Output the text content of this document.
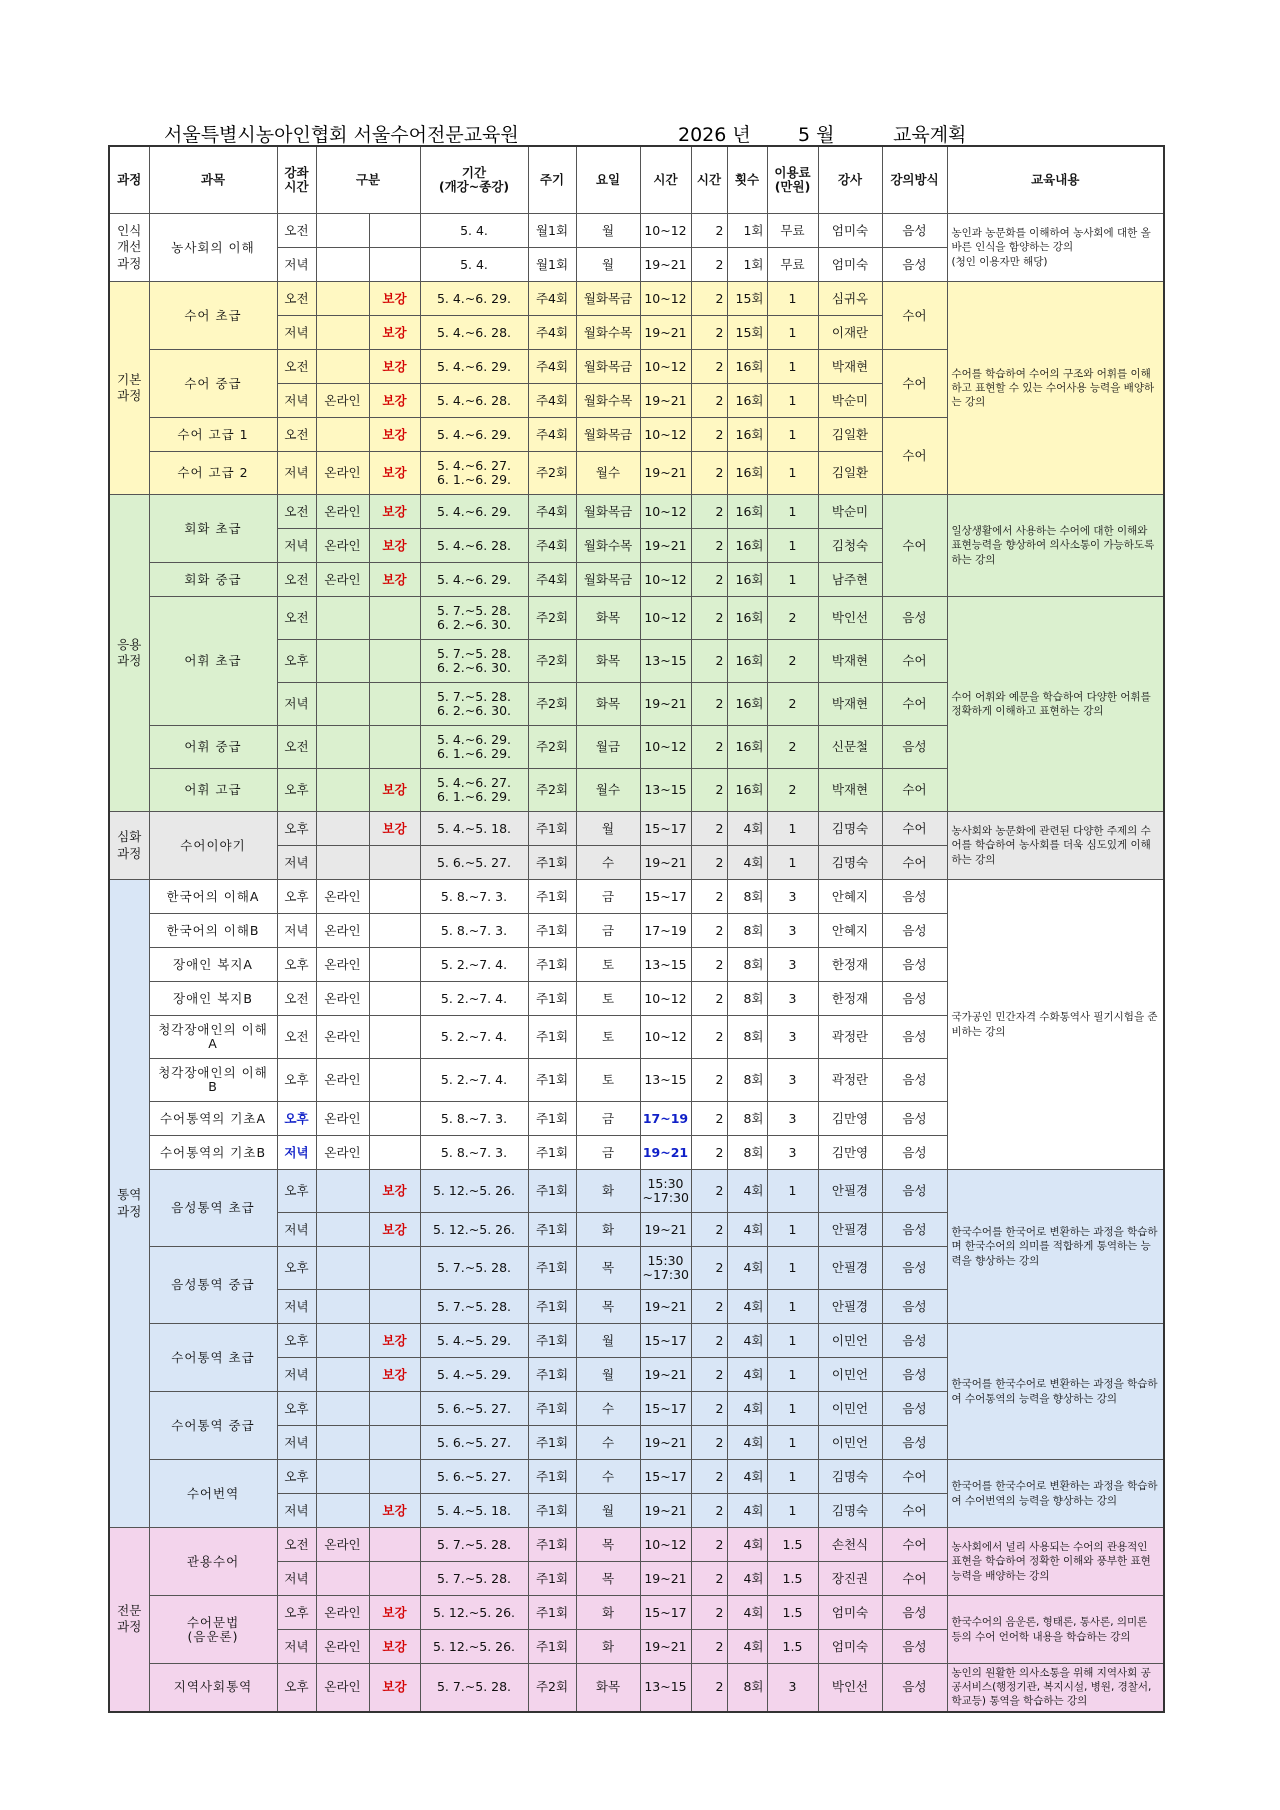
서울특별시농아인협회 서울수어전문교육원	2026 년 5 월	교육계획
과정	과목	강좌시간	구분		기간
(개강~종강)	주기	요일	시간	시간	횟수	이용료
(만원)	강사	강의방식	교육내용
인식
개선
과정	농사회의 이해	오전			5. 4.	월1회	월	10~12	2	1회	무료	엄미숙	음성	농인과 농문화를 이해하여 농사회에 대한 올바른 인식을 함양하는 강의
(청인 이용자만 해당)
		저녁			5. 4.	월1회	월	19~21	2	1회	무료	엄미숙	음성	
기본
과정	수어 초급	오전		보강	5. 4.~6. 29.	주4회	월화목금	10~12	2	15회	1	심귀옥	수어	수어를 학습하여 수어의 구조와 어휘를 이해하고 표현할 수 있는 수어사용 능력을 배양하는 강의
		저녁		보강	5. 4.~6. 28.	주4회	월화수목	19~21	2	15회	1	이재란		
	수어 중급	오전		보강	5. 4.~6. 29.	주4회	월화목금	10~12	2	16회	1	박재현	수어	
		저녁	온라인	보강	5. 4.~6. 28.	주4회	월화수목	19~21	2	16회	1	박순미		
	수어 고급 1	오전		보강	5. 4.~6. 29.	주4회	월화목금	10~12	2	16회	1	김일환	수어	
	수어 고급 2	저녁	온라인	보강	5. 4.~6. 27.
6. 1.~6. 29.	주2회	월수	19~21	2	16회	1	김일환		
응용
과정	회화 초급	오전	온라인	보강	5. 4.~6. 29.	주4회	월화목금	10~12	2	16회	1	박순미	수어	일상생활에서 사용하는 수어에 대한 이해와 표현능력을 향상하여 의사소통이 가능하도록 하는 강의
		저녁	온라인	보강	5. 4.~6. 28.	주4회	월화수목	19~21	2	16회	1	김청숙		
	회화 중급	오전	온라인	보강	5. 4.~6. 29.	주4회	월화목금	10~12	2	16회	1	남주현		
	어휘 초급	오전			5. 7.~5. 28.
6. 2.~6. 30.	주2회	화목	10~12	2	16회	2	박인선	음성	수어 어휘와 예문을 학습하여 다양한 어휘를 정확하게 이해하고 표현하는 강의
		오후			5. 7.~5. 28.
6. 2.~6. 30.	주2회	화목	13~15	2	16회	2	박재현	수어	
		저녁			5. 7.~5. 28.
6. 2.~6. 30.	주2회	화목	19~21	2	16회	2	박재현	수어	
	어휘 중급	오전			5. 4.~6. 29.
6. 1.~6. 29.	주2회	월금	10~12	2	16회	2	신문철	음성	
	어휘 고급	오후		보강	5. 4.~6. 27.
6. 1.~6. 29.	주2회	월수	13~15	2	16회	2	박재현	수어	
심화
과정	수어이야기	오후		보강	5. 4.~5. 18.	주1회	월	15~17	2	4회	1	김명숙	수어	농사회와 농문화에 관련된 다양한 주제의 수어를 학습하여 농사회를 더욱 심도있게 이해하는 강의
		저녁			5. 6.~5. 27.	주1회	수	19~21	2	4회	1	김명숙	수어	
통역
과정	한국어의 이해A	오후	온라인		5. 8.~7. 3.	주1회	금	15~17	2	8회	3	안혜지	음성	국가공인 민간자격 수화통역사 필기시험을 준비하는 강의
	한국어의 이해B	저녁	온라인		5. 8.~7. 3.	주1회	금	17~19	2	8회	3	안혜지	음성	
	장애인 복지A	오후	온라인		5. 2.~7. 4.	주1회	토	13~15	2	8회	3	한정재	음성	
	장애인 복지B	오전	온라인		5. 2.~7. 4.	주1회	토	10~12	2	8회	3	한정재	음성	
	청각장애인의 이해
A	오전	온라인		5. 2.~7. 4.	주1회	토	10~12	2	8회	3	곽정란	음성	
	청각장애인의 이해
B	오후	온라인		5. 2.~7. 4.	주1회	토	13~15	2	8회	3	곽정란	음성	
	수어통역의 기초A	오후	온라인		5. 8.~7. 3.	주1회	금	17~19	2	8회	3	김만영	음성	
	수어통역의 기초B	저녁	온라인		5. 8.~7. 3.	주1회	금	19~21	2	8회	3	김만영	음성	
	음성통역 초급	오후		보강	5. 12.~5. 26.	주1회	화	15:30
~17:30	2	4회	1	안필경	음성	한국수어를 한국어로 변환하는 과정을 학습하며 한국수어의 의미를 적합하게 통역하는 능력을 향상하는 강의
		저녁		보강	5. 12.~5. 26.	주1회	화	19~21	2	4회	1	안필경	음성	
	음성통역 중급	오후			5. 7.~5. 28.	주1회	목	15:30
~17:30	2	4회	1	안필경	음성	
		저녁			5. 7.~5. 28.	주1회	목	19~21	2	4회	1	안필경	음성	
	수어통역 초급	오후		보강	5. 4.~5. 29.	주1회	월	15~17	2	4회	1	이민언	음성	한국어를 한국수어로 변환하는 과정을 학습하여 수어통역의 능력을 향상하는 강의
		저녁		보강	5. 4.~5. 29.	주1회	월	19~21	2	4회	1	이민언	음성	
	수어통역 중급	오후			5. 6.~5. 27.	주1회	수	15~17	2	4회	1	이민언	음성	
		저녁			5. 6.~5. 27.	주1회	수	19~21	2	4회	1	이민언	음성	
	수어번역	오후			5. 6.~5. 27.	주1회	수	15~17	2	4회	1	김명숙	수어	한국어를 한국수어로 변환하는 과정을 학습하여 수어번역의 능력을 향상하는 강의
		저녁		보강	5. 4.~5. 18.	주1회	월	19~21	2	4회	1	김명숙	수어	
전문
과정	관용수어	오전	온라인		5. 7.~5. 28.	주1회	목	10~12	2	4회	1.5	손천식	수어	농사회에서 널리 사용되는 수어의 관용적인 표현을 학습하여 정확한 이해와 풍부한 표현 능력을 배양하는 강의
		저녁			5. 7.~5. 28.	주1회	목	19~21	2	4회	1.5	장진권	수어	
	수어문법
(음운론)	오후	온라인	보강	5. 12.~5. 26.	주1회	화	15~17	2	4회	1.5	엄미숙	음성	한국수어의 음운론, 형태론, 통사론, 의미론 등의 수어 언어학 내용을 학습하는 강의
		저녁	온라인	보강	5. 12.~5. 26.	주1회	화	19~21	2	4회	1.5	엄미숙	음성	
	지역사회통역	오후	온라인	보강	5. 7.~5. 28.	주2회	화목	13~15	2	8회	3	박인선	음성	농인의 원활한 의사소통을 위해 지역사회 공공서비스(행정기관, 복지시설, 병원, 경찰서, 학교등) 통역을 학습하는 강의
